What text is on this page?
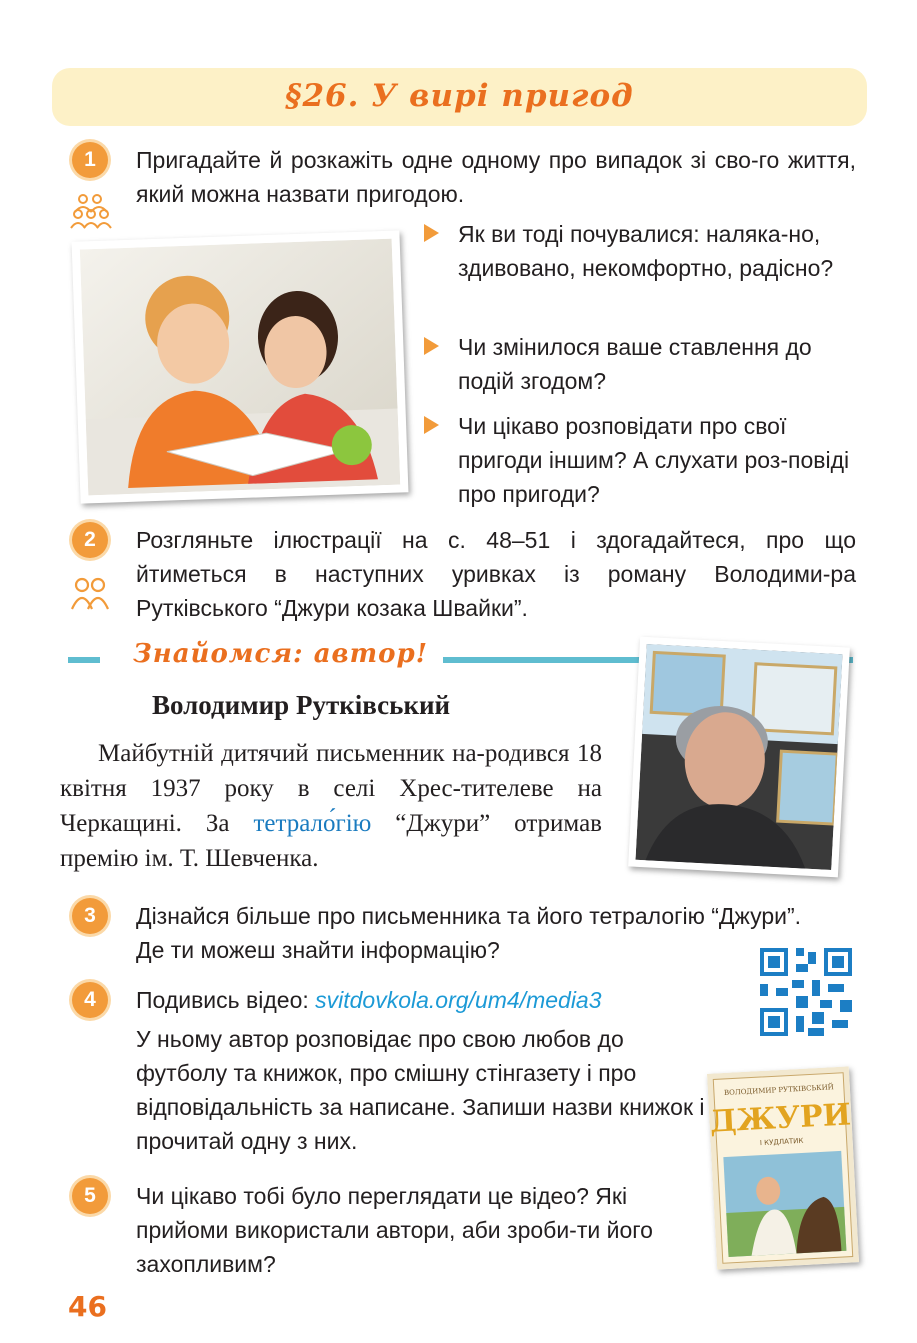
§26. У вирі пригод
1	Пригадайте й розкажіть одне одному про випадок зі сво-го життя, який можна назвати пригодою.
Як ви тоді почувалися: наляка-но, здивовано, некомфортно, радісно?
Чи змінилося ваше ставлення до подій згодом?
Чи цікаво розповідати про свої пригоди іншим? А слухати роз-повіді про пригоди?
2	Розгляньте ілюстрації на с. 48–51 і здогадайтеся, про що йтиметься в наступних уривках із роману Володими-ра Рутківського “Джури козака Швайки”.
Знайомся: автор!
Володимир Рутківський
Майбутній дитячий письменник на-родився 18 квітня 1937 року в селі Хрес-тителеве на Черкащині. За тетрало́гію “Джури” отримав премію ім. Т. Шевченка.
3	Дізнайся більше про письменника та його тетралогію “Джури”. Де ти можеш знайти інформацію?
4	Подивись відео: svitdovkola.org/um4/media3
У ньому автор розповідає про свою любов до футболу та книжок, про смішну стінгазету і про відповідальність за написане. Запиши назви книжок і прочитай одну з них.
ВОЛОДИМИР РУТКІВСЬКИЙ
ДЖУРИ
І КУДЛАТИК
5	Чи цікаво тобі було переглядати це відео? Які прийоми використали автори, аби зроби-ти його захопливим?
46
